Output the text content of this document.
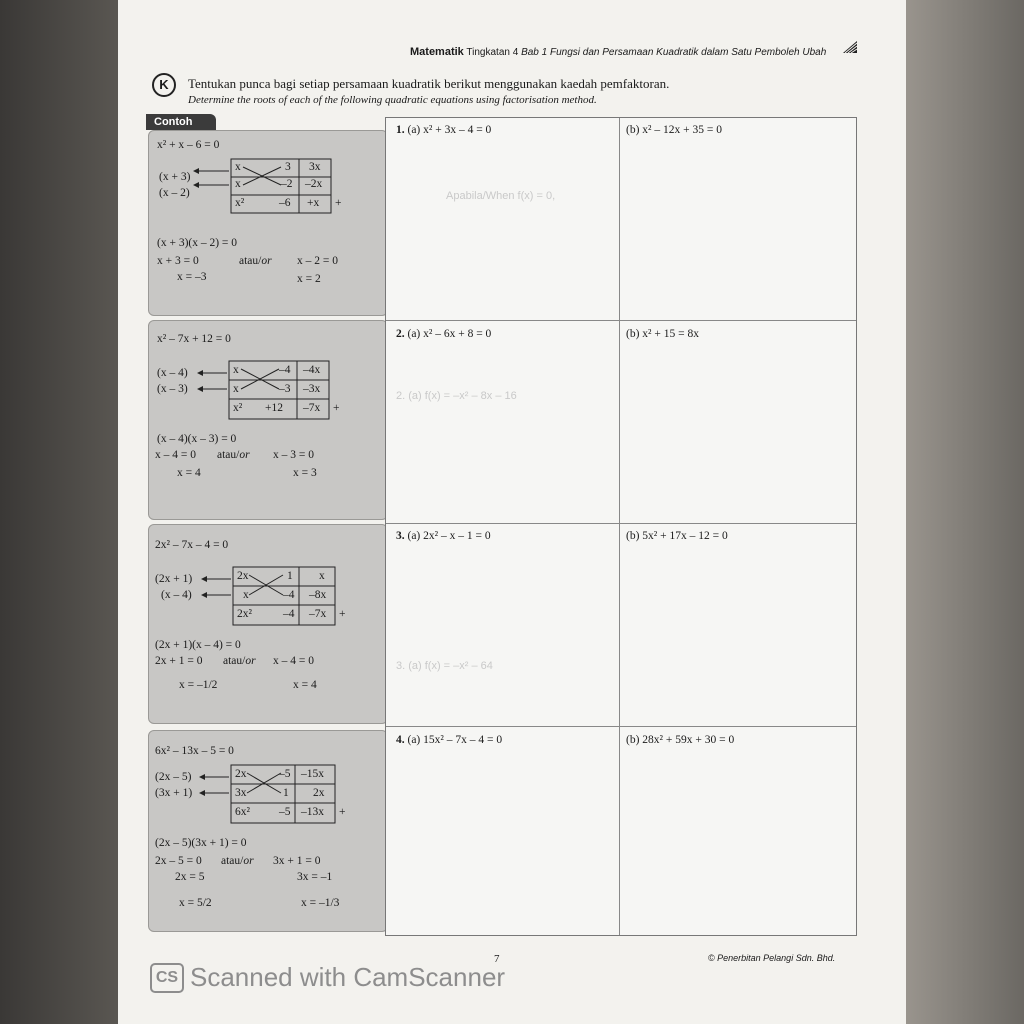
Matematik Tingkatan 4 Bab 1 Fungsi dan Persamaan Kuadratik dalam Satu Pemboleh Ubah
K	Tentukan punca bagi setiap persamaan kuadratik berikut menggunakan kaedah pemfaktoran.
Determine the roots of each of the following quadratic equations using factorisation method.
Contoh
x² + x – 6 = 0
(x + 3)
(x – 2)
x	3 3x
x	–2 –2x
x²	–6 +x +
(x + 3)(x – 2) = 0
x + 3 = 0	atau/or x – 2 = 0
x = –3	x = 2
x² – 7x + 12 = 0
(x – 4)
(x – 3)
x	–4 –4x
x	–3 –3x
x² +12 –7x +
(x – 4)(x – 3) = 0
x – 4 = 0 atau/or x – 3 = 0
x = 4	x = 3
2x² – 7x – 4 = 0
(2x + 1)
(x – 4)
2x	1 x
x	–4 –8x
2x²	–4 –7x +
(2x + 1)(x – 4) = 0
2x + 1 = 0 atau/or x – 4 = 0
x = –1/2	x = 4
6x² – 13x – 5 = 0
(2x – 5)
(3x + 1)
2x	–5 –15x
3x	1 2x
6x²	–5 –13x +
(2x – 5)(3x + 1) = 0
2x – 5 = 0 atau/or 3x + 1 = 0
2x = 5	3x = –1
x = 5/2	x = –1/3
Apabila/When f(x) = 0,
2. (a) f(x) = –x² – 8x – 16
3. (a) f(x) = –x² – 64
1. (a) x² + 3x – 4 = 0	(b) x² – 12x + 35 = 0
2. (a) x² – 6x + 8 = 0	(b) x² + 15 = 8x
3. (a) 2x² – x – 1 = 0	(b) 5x² + 17x – 12 = 0
4. (a) 15x² – 7x – 4 = 0	(b) 28x² + 59x + 30 = 0
7	© Penerbitan Pelangi Sdn. Bhd.
CS Scanned with CamScanner
